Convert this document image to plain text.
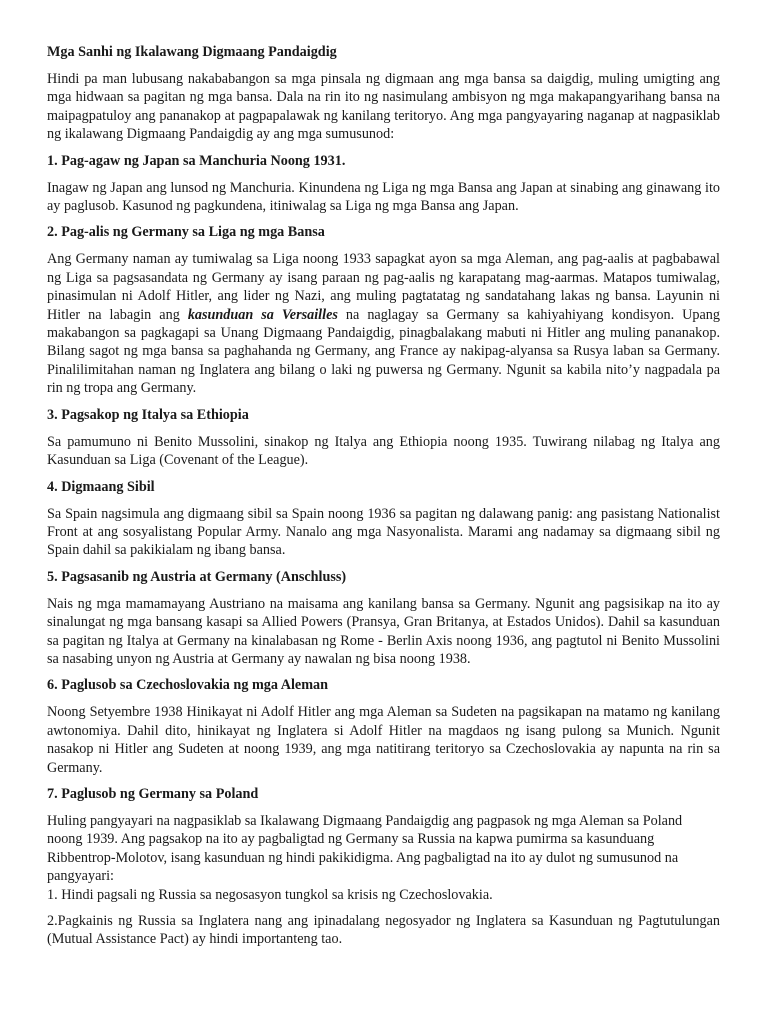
Mga Sanhi ng Ikalawang Digmaang Pandaigdig

Hindi pa man lubusang nakababangon sa mga pinsala ng digmaan ang mga bansa sa daigdig, muling umigting ang mga hidwaan sa pagitan ng mga bansa. Dala na rin ito ng nasimulang ambisyon ng mga makapangyarihang bansa na maipagpatuloy ang pananakop at pagpapalawak ng kanilang teritoryo. Ang mga pangyayaring naganap at nagpasiklab ng ikalawang Digmaang Pandaigdig ay ang mga sumusunod:

1. Pag-agaw ng Japan sa Manchuria Noong 1931.

Inagaw ng Japan ang lunsod ng Manchuria. Kinundena ng Liga ng mga Bansa ang Japan at sinabing ang ginawang ito ay paglusob. Kasunod ng pagkundena, itiniwalag sa Liga ng mga Bansa ang Japan.

2. Pag-alis ng Germany sa Liga ng mga Bansa

Ang Germany naman ay tumiwalag sa Liga noong 1933 sapagkat ayon sa mga Aleman, ang pag-aalis at pagbabawal ng Liga sa pagsasandata ng Germany ay isang paraan ng pag-aalis ng karapatang mag-aarmas. Matapos tumiwalag, pinasimulan ni Adolf Hitler, ang lider ng Nazi, ang muling pagtatatag ng sandatahang lakas ng bansa. Layunin ni Hitler na labagin ang kasunduan sa Versailles na naglagay sa Germany sa kahiyahiyang kondisyon. Upang makabangon sa pagkagapi sa Unang Digmaang Pandaigdig, pinagbalakang mabuti ni Hitler ang muling pananakop. Bilang sagot ng mga bansa sa paghahanda ng Germany, ang France ay nakipag-alyansa sa Rusya laban sa Germany. Pinalilimitahan naman ng Inglatera ang bilang o laki ng puwersa ng Germany. Ngunit sa kabila nito’y nagpadala pa rin ng tropa ang Germany.

3. Pagsakop ng Italya sa Ethiopia

Sa pamumuno ni Benito Mussolini, sinakop ng Italya ang Ethiopia noong 1935. Tuwirang nilabag ng Italya ang Kasunduan sa Liga (Covenant of the League).

4. Digmaang Sibil

Sa Spain nagsimula ang digmaang sibil sa Spain noong 1936 sa pagitan ng dalawang panig: ang pasistang Nationalist Front at ang sosyalistang Popular Army. Nanalo ang mga Nasyonalista. Marami ang nadamay sa digmaang sibil ng Spain dahil sa pakikialam ng ibang bansa.

5. Pagsasanib ng Austria at Germany (Anschluss)

Nais ng mga mamamayang Austriano na maisama ang kanilang bansa sa Germany. Ngunit ang pagsisikap na ito ay sinalungat ng mga bansang kasapi sa Allied Powers (Pransya, Gran Britanya, at Estados Unidos). Dahil sa kasunduan sa pagitan ng Italya at Germany na kinalabasan ng Rome - Berlin Axis noong 1936, ang pagtutol ni Benito Mussolini sa nasabing unyon ng Austria at Germany ay nawalan ng bisa noong 1938.

6. Paglusob sa Czechoslovakia ng mga Aleman

Noong Setyembre 1938 Hinikayat ni Adolf Hitler ang mga Aleman sa Sudeten na pagsikapan na matamo ng kanilang awtonomiya. Dahil dito, hinikayat ng Inglatera si Adolf Hitler na magdaos ng isang pulong sa Munich. Ngunit nasakop ni Hitler ang Sudeten at noong 1939, ang mga natitirang teritoryo sa Czechoslovakia ay napunta na rin sa Germany.

7. Paglusob ng Germany sa Poland

Huling pangyayari na nagpasiklab sa Ikalawang Digmaang Pandaigdig ang pagpasok ng mga Aleman sa Poland noong 1939. Ang pagsakop na ito ay pagbaligtad ng Germany sa Russia na kapwa pumirma sa kasunduang Ribbentrop-Molotov, isang kasunduan ng hindi pakikidigma. Ang pagbaligtad na ito ay dulot ng sumusunod na pangyayari:

1. Hindi pagsali ng Russia sa negosasyon tungkol sa krisis ng Czechoslovakia.

2.Pagkainis ng Russia sa Inglatera nang ang ipinadalang negosyador ng Inglatera sa Kasunduan ng Pagtutulungan (Mutual Assistance Pact) ay hindi importanteng tao.
